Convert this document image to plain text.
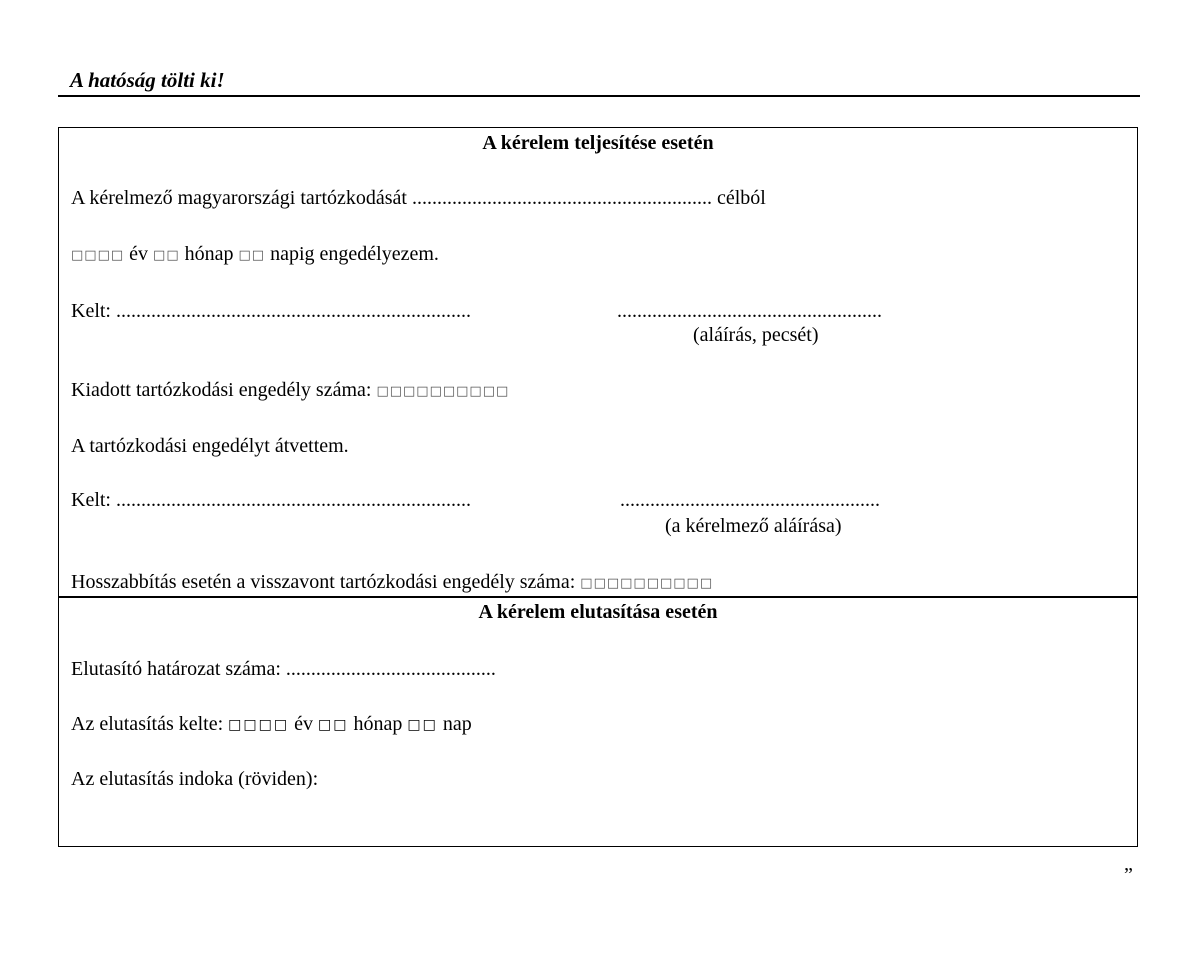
A hatóság tölti ki!
A kérelem teljesítése esetén
A kérelmező magyarországi tartózkodását ............................................................ célból
□□□□ év □□ hónap □□ napig engedélyezem.
Kelt: .......................................................................	.....................................................
(aláírás, pecsét)
Kiadott tartózkodási engedély száma: □□□□□□□□□□
A tartózkodási engedélyt átvettem.
Kelt: .......................................................................	....................................................
(a kérelmező aláírása)
Hosszabbítás esetén a visszavont tartózkodási engedély száma: □□□□□□□□□□
A kérelem elutasítása esetén
Elutasító határozat száma: ..........................................
Az elutasítás kelte: □□□□ év □□ hónap □□ nap
Az elutasítás indoka (röviden):
”
